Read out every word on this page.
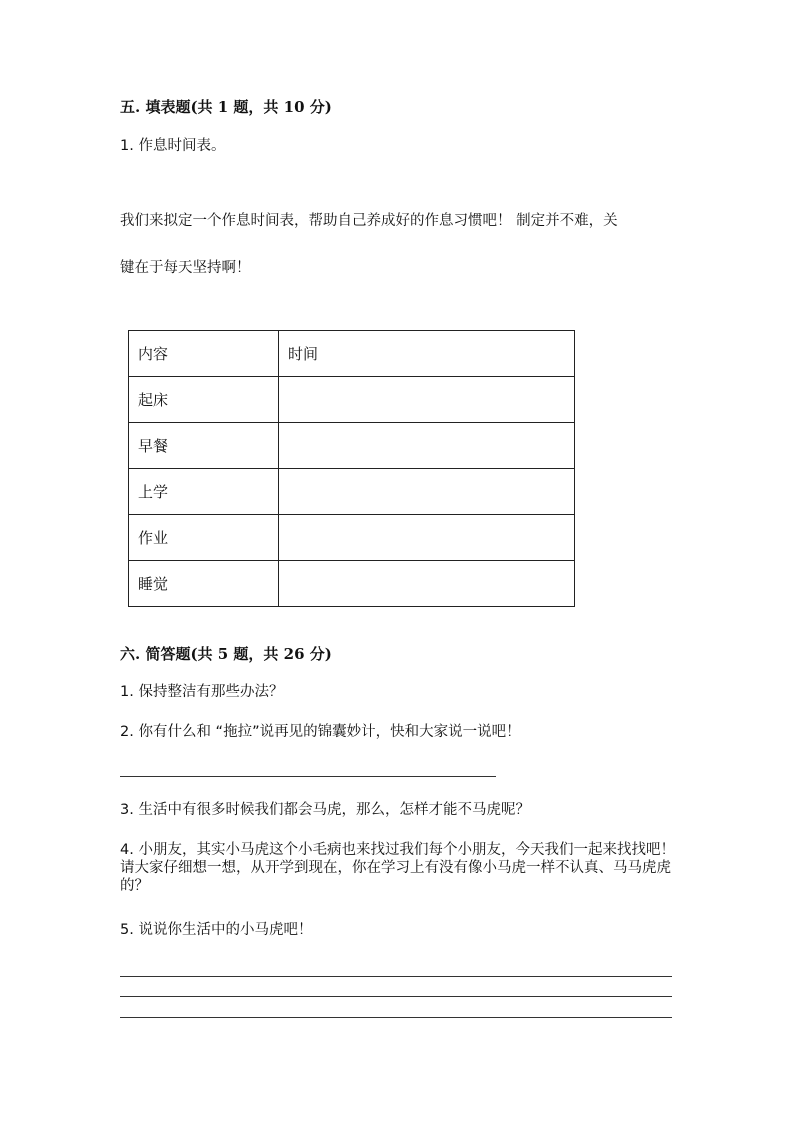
五. 填表题(共 1 题，共 10 分)
1. 作息时间表。
我们来拟定一个作息时间表，帮助自己养成好的作息习惯吧！ 制定并不难，关
键在于每天坚持啊！
内容	时间
起床	
早餐	
上学	
作业	
睡觉	
六. 简答题(共 5 题，共 26 分)
1. 保持整洁有那些办法？
2. 你有什么和 “拖拉”说再见的锦囊妙计，快和大家说一说吧！
3. 生活中有很多时候我们都会马虎，那么，怎样才能不马虎呢？
4. 小朋友，其实小马虎这个小毛病也来找过我们每个小朋友，今天我们一起来找找吧！请大家仔细想一想，从开学到现在，你在学习上有没有像小马虎一样不认真、马马虎虎的？
5. 说说你生活中的小马虎吧！
